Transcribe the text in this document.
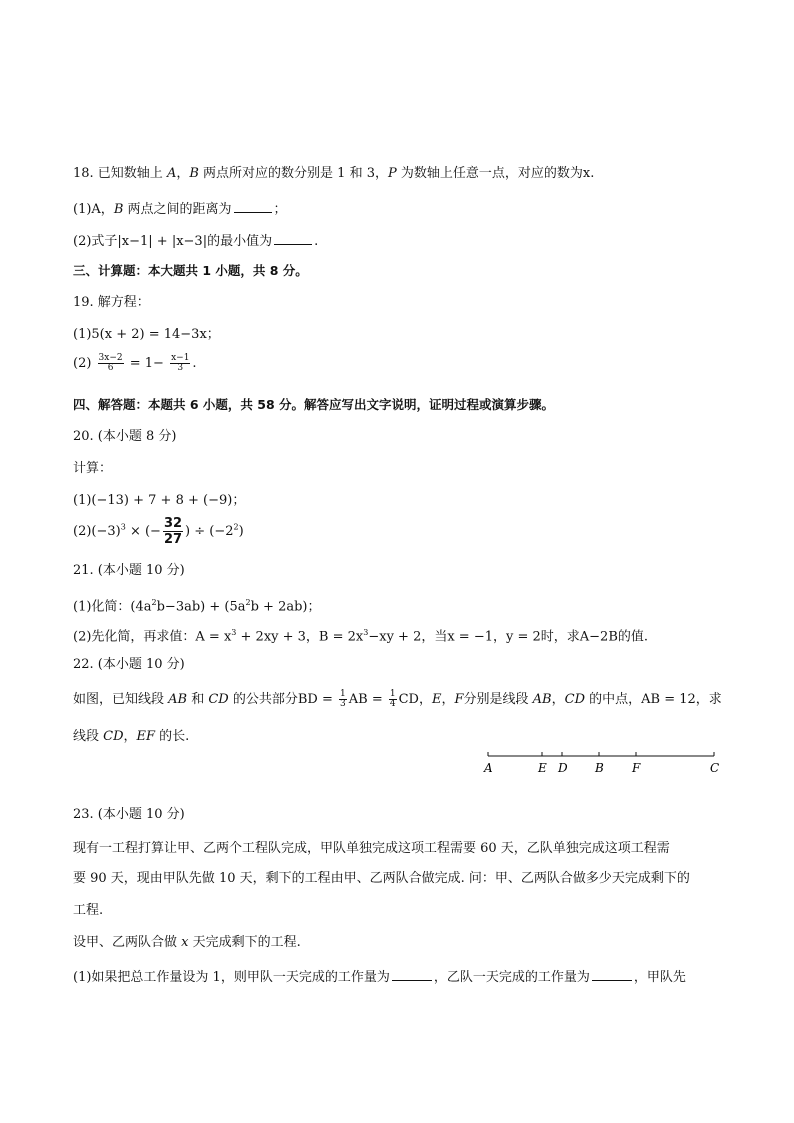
18. 已知数轴上 A，B 两点所对应的数分别是 1 和 3，P 为数轴上任意一点，对应的数为x.
(1)A，B 两点之间的距离为	；
(2)式子|x−1| + |x−3|的最小值为	.
三、计算题：本大题共 1 小题，共 8 分。
19. 解方程：
(1)5(x + 2) = 14−3x；
$(2) \frac{3x-2}{6} = 1- \frac{x-1}{3}$ .
四、解答题：本题共 6 小题，共 58 分。解答应写出文字说明，证明过程或演算步骤。
20. (本小题 8 分)
计算：
(1)(−13) + 7 + 8 + (−9)；
$(2)(-3)^3$ × (− $\frac{32}{27}$ ) ÷ $(-2^2)$
21. (本小题 10 分)
(1)化简：$(4a^2b-3ab) + (5a^2b + 2ab)$；
(2)先化简，再求值：$A = x^3 + 2xy + 3$，$B = 2x^3-xy + 2$，当x = −1，y = 2时，求A−2B的值.
22. (本小题 10 分)
如图，已知线段 AB 和 CD 的公共部分BD = $\frac{1}{3}$ AB = $\frac{1}{4}$ CD，E，F分别是线段 AB，CD 的中点，AB = 12，求
线段 CD，EF 的长.
A	E D B F	C
23. (本小题 10 分)
现有一工程打算让甲、乙两个工程队完成，甲队单独完成这项工程需要 60 天，乙队单独完成这项工程需
要 90 天，现由甲队先做 10 天，剩下的工程由甲、乙两队合做完成. 问：甲、乙两队合做多少天完成剩下的
工程.
设甲、乙两队合做 x 天完成剩下的工程.
(1)如果把总工作量设为 1，则甲队一天完成的工作量为	，乙队一天完成的工作量为	，甲队先
